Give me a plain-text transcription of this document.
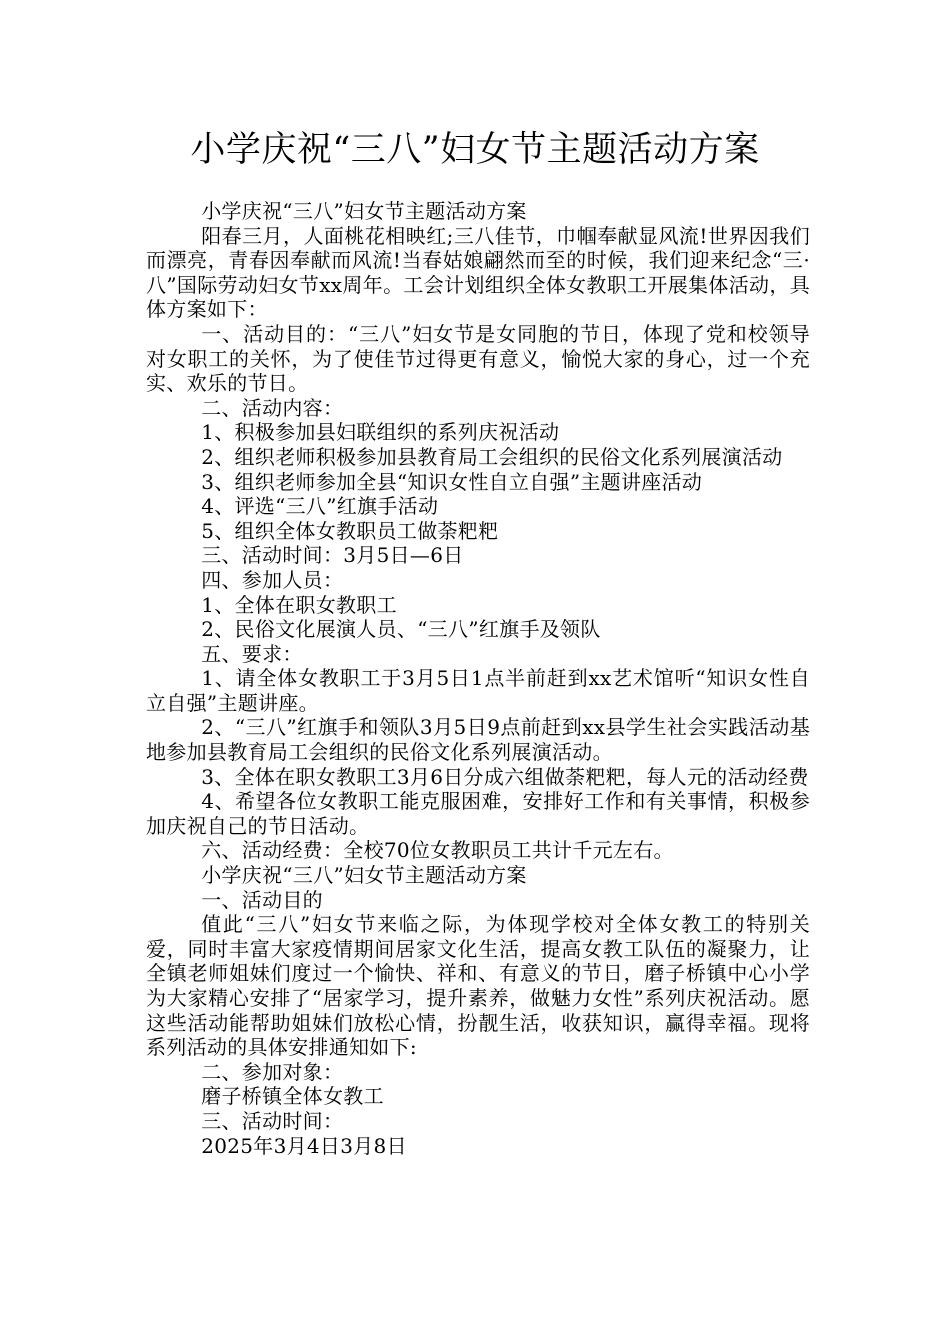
小学庆祝“三八”妇女节主题活动方案

小学庆祝“三八”妇女节主题活动方案

阳春三月，人面桃花相映红;三八佳节，巾帼奉献显风流!世界因我们而漂亮，青春因奉献而风流!当春姑娘翩然而至的时候，我们迎来纪念“三·八”国际劳动妇女节xx周年。工会计划组织全体女教职工开展集体活动，具体方案如下：

一、活动目的：“三八”妇女节是女同胞的节日，体现了党和校领导对女职工的关怀，为了使佳节过得更有意义，愉悦大家的身心，过一个充实、欢乐的节日。

二、活动内容：

1、积极参加县妇联组织的系列庆祝活动

2、组织老师积极参加县教育局工会组织的民俗文化系列展演活动

3、组织老师参加全县“知识女性自立自强”主题讲座活动

4、评选“三八”红旗手活动

5、组织全体女教职员工做荼粑粑

三、活动时间：3月5日—6日

四、参加人员：

1、全体在职女教职工

2、民俗文化展演人员、“三八”红旗手及领队

五、要求：

1、请全体女教职工于3月5日1点半前赶到xx艺术馆听“知识女性自立自强”主题讲座。

2、“三八”红旗手和领队3月5日9点前赶到xx县学生社会实践活动基地参加县教育局工会组织的民俗文化系列展演活动。

3、全体在职女教职工3月6日分成六组做荼粑粑，每人元的活动经费

4、希望各位女教职工能克服困难，安排好工作和有关事情，积极参加庆祝自己的节日活动。

六、活动经费：全校70位女教职员工共计千元左右。

小学庆祝“三八”妇女节主题活动方案

一、活动目的

值此“三八”妇女节来临之际，为体现学校对全体女教工的特别关爱，同时丰富大家疫情期间居家文化生活，提高女教工队伍的凝聚力，让全镇老师姐妹们度过一个愉快、祥和、有意义的节日，磨子桥镇中心小学为大家精心安排了“居家学习，提升素养，做魅力女性”系列庆祝活动。愿这些活动能帮助姐妹们放松心情，扮靓生活，收获知识，赢得幸福。现将系列活动的具体安排通知如下:

二、参加对象：

磨子桥镇全体女教工

三、活动时间：

2025年3月4日3月8日
